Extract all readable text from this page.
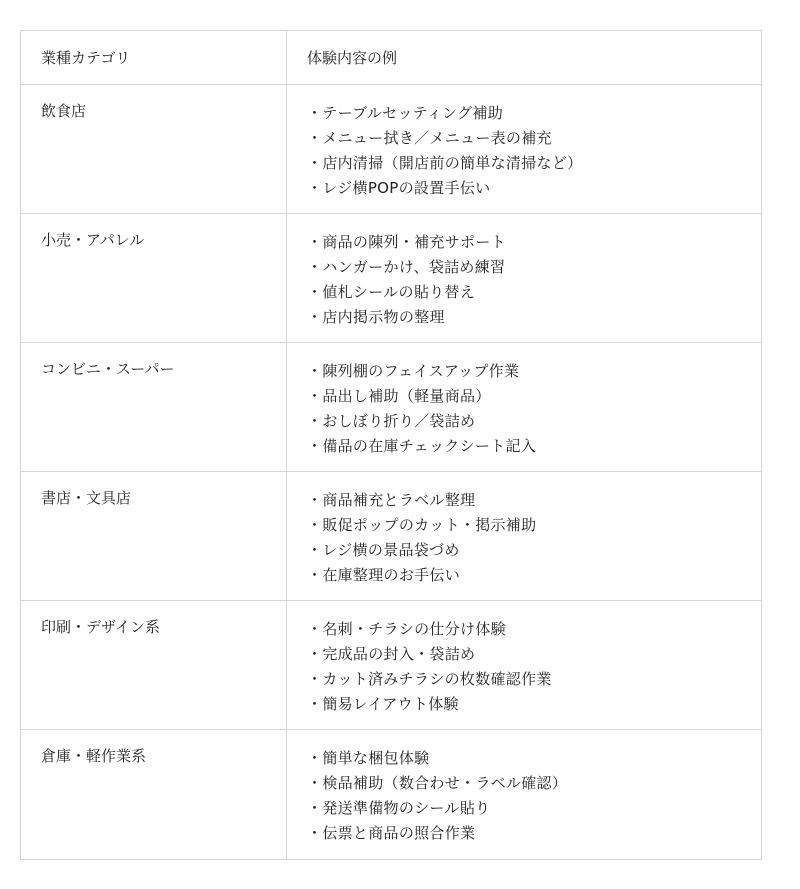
業種カテゴリ	体験内容の例
飲食店	・ テーブルセッティング補助
・ メニュー拭き／メニュー表の補充
・ 店内清掃（開店前の簡単な清掃など）
・ レジ横POPの設置手伝い
小売・アパレル	・ 商品の陳列・補充サポート
・ ハンガーかけ、袋詰め練習
・ 値札シールの貼り替え
・ 店内掲示物の整理
コンビニ・スーパー	・ 陳列棚のフェイスアップ作業
・ 品出し補助（軽量商品）
・ おしぼり折り／袋詰め
・ 備品の在庫チェックシート記入
書店・文具店	・ 商品補充とラベル整理
・ 販促ポップのカット・掲示補助
・ レジ横の景品袋づめ
・ 在庫整理のお手伝い
印刷・デザイン系	・ 名刺・チラシの仕分け体験
・ 完成品の封入・袋詰め
・ カット済みチラシの枚数確認作業
・ 簡易レイアウト体験
倉庫・軽作業系	・ 簡単な梱包体験
・ 検品補助（数合わせ・ラベル確認）
・ 発送準備物のシール貼り
・ 伝票と商品の照合作業
